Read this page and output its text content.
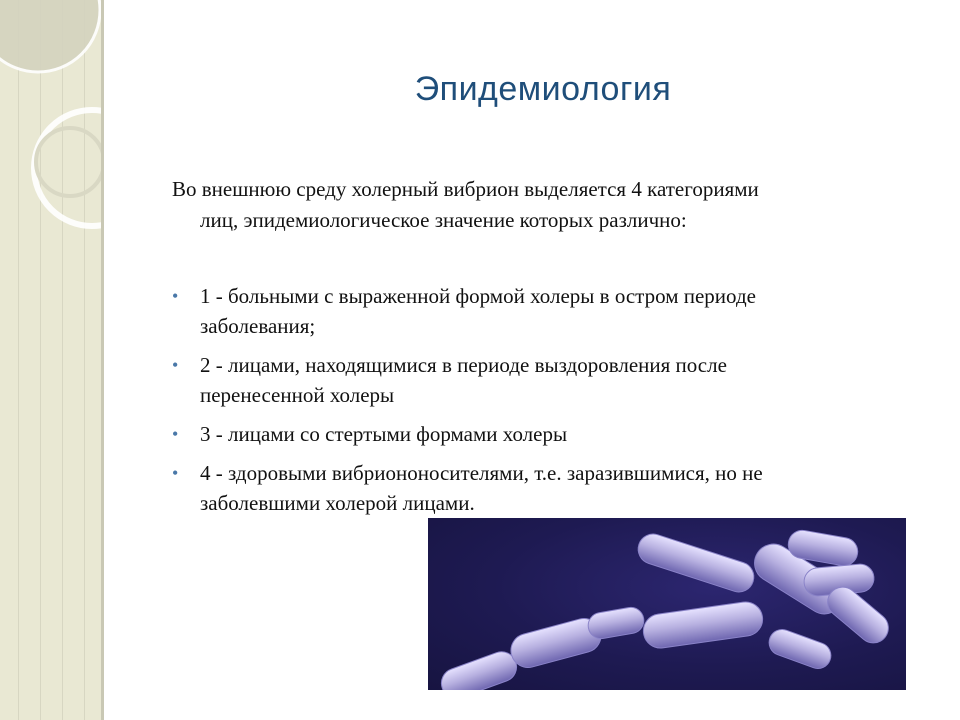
Эпидемиология
Во внешнюю среду холерный вибрион выделяется 4 категориями
лиц, эпидемиологическое значение которых различно:
• 1 - больными с выраженной формой холеры в остром периоде
заболевания;
• 2 - лицами, находящимися в периоде выздоровления после
перенесенной холеры
• 3 - лицами со стертыми формами холеры
• 4 - здоровыми вибриононосителями, т.е. заразившимися, но не
заболевшими холерой лицами.
